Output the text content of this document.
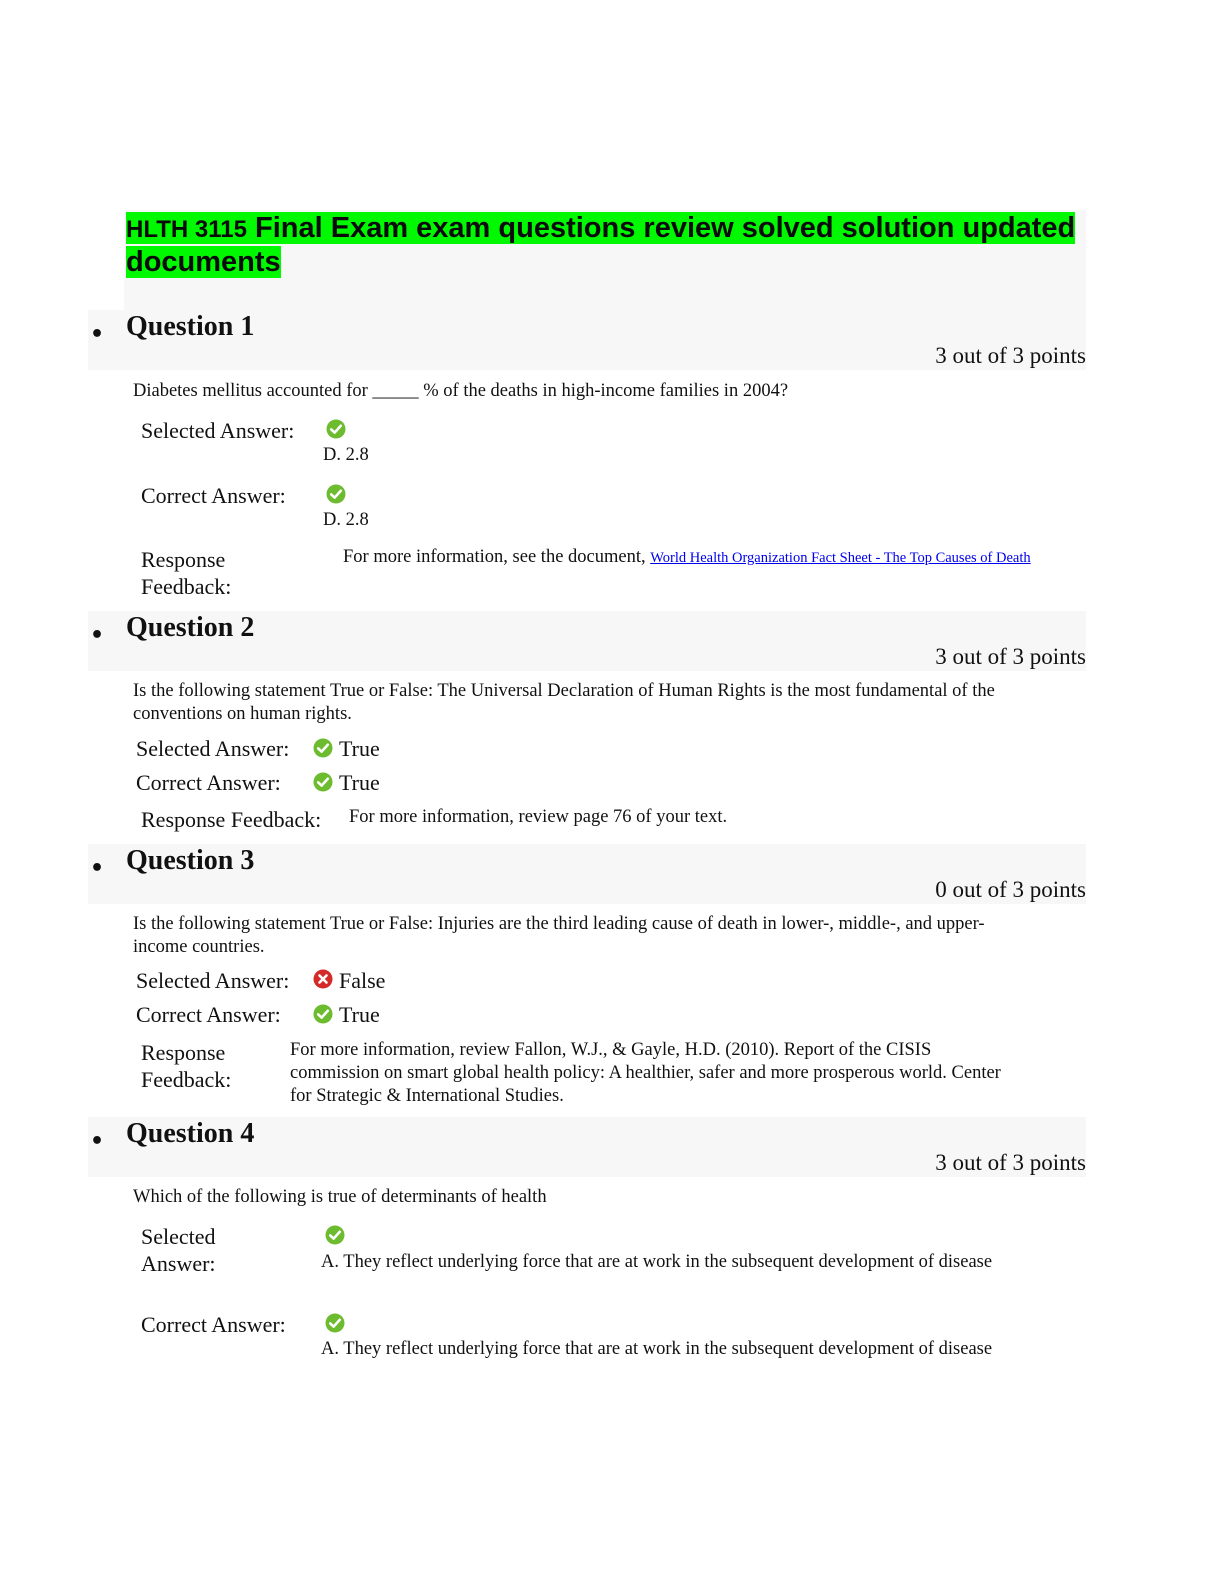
HLTH 3115 Final Exam exam questions review solved solution updated documents
• Question 1
3 out of 3 points
Diabetes mellitus accounted for _____ % of the deaths in high-income families in 2004?
Selected Answer:
D. 2.8
Correct Answer:
D. 2.8
Response
Feedback:
For more information, see the document, World Health Organization Fact Sheet - The Top Causes of Death
• Question 2
3 out of 3 points
Is the following statement True or False: The Universal Declaration of Human Rights is the most fundamental of the conventions on human rights.
Selected Answer: True
Correct Answer:	True
Response Feedback: For more information, review page 76 of your text.
• Question 3
0 out of 3 points
Is the following statement True or False: Injuries are the third leading cause of death in lower-, middle-, and upper-income countries.
Selected Answer: False
Correct Answer:	True
Response
Feedback:
For more information, review Fallon, W.J., & Gayle, H.D. (2010). Report of the CISIS commission on smart global health policy: A healthier, safer and more prosperous world. Center for Strategic & International Studies.
• Question 4
3 out of 3 points
Which of the following is true of determinants of health
Selected
Answer:	A. They reflect underlying force that are at work in the subsequent development of disease
Correct Answer:
A. They reflect underlying force that are at work in the subsequent development of disease
